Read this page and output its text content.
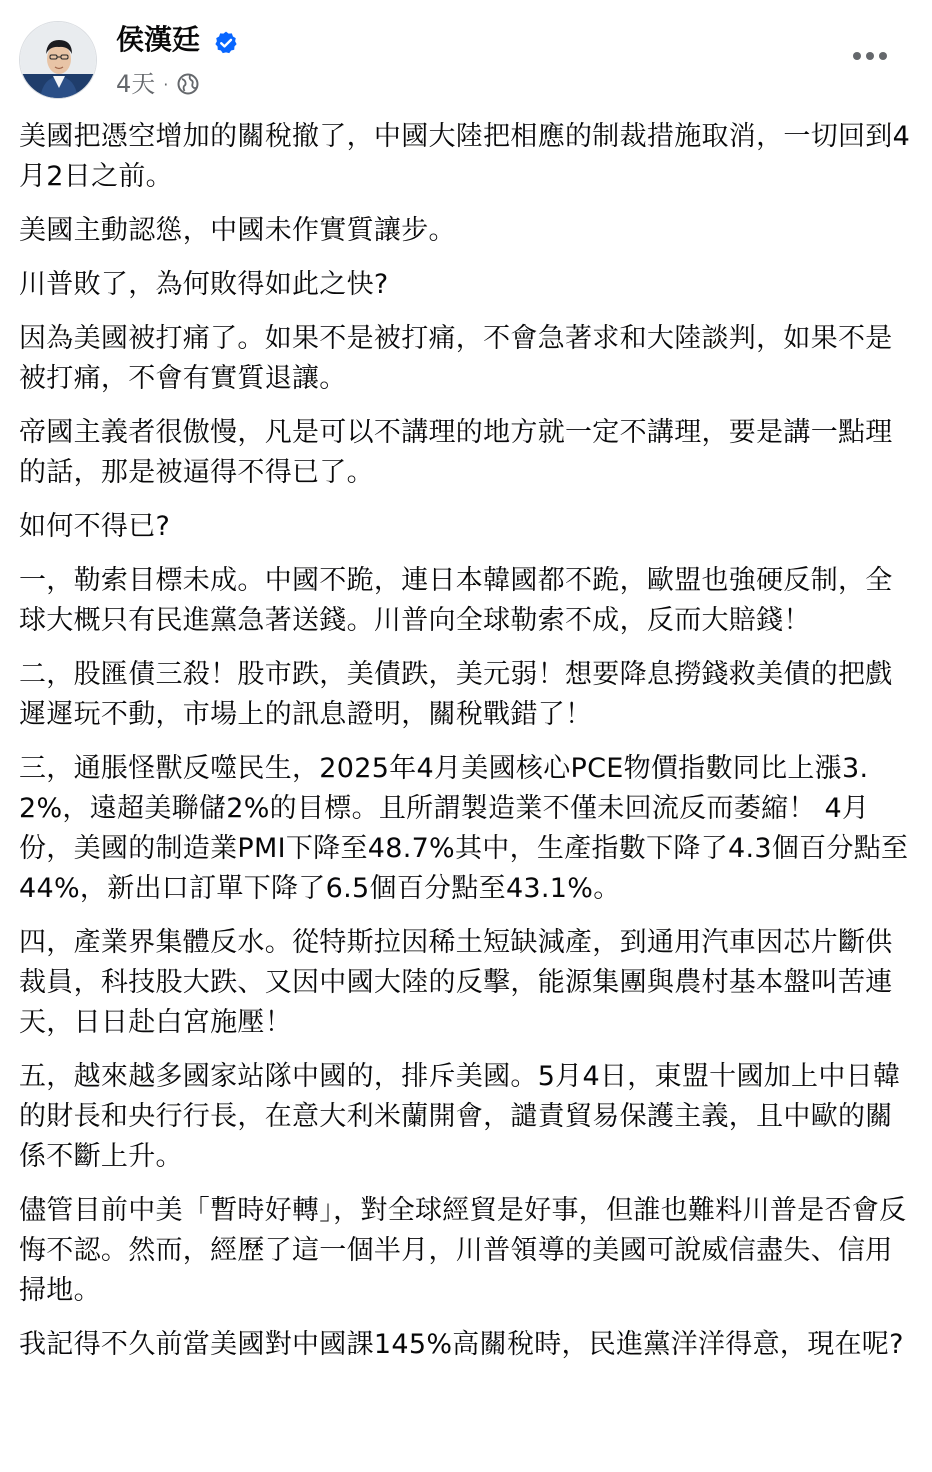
侯漢廷
4天 ·

美國把憑空增加的關稅撤了，中國大陸把相應的制裁措施取消，一切回到4月2日之前。

美國主動認慫，中國未作實質讓步。

川普敗了，為何敗得如此之快?

因為美國被打痛了。如果不是被打痛，不會急著求和大陸談判，如果不是被打痛，不會有實質退讓。

帝國主義者很傲慢，凡是可以不講理的地方就一定不講理，要是講一點理的話，那是被逼得不得已了。

如何不得已?

一，勒索目標未成。中國不跪，連日本韓國都不跪，歐盟也強硬反制，全球大概只有民進黨急著送錢。川普向全球勒索不成，反而大賠錢！

二，股匯債三殺！股市跌，美債跌，美元弱！想要降息撈錢救美債的把戲遲遲玩不動，市場上的訊息證明，關稅戰錯了！

三，通脹怪獸反噬民生，2025年4月美國核心PCE物價指數同比上漲3.2%，遠超美聯儲2%的目標。且所謂製造業不僅未回流反而萎縮！ 4月份，美國的制造業PMI下降至48.7%其中，生產指數下降了4.3個百分點至44%，新出口訂單下降了6.5個百分點至43.1%。

四，產業界集體反水。從特斯拉因稀土短缺減產，到通用汽車因芯片斷供裁員，科技股大跌、又因中國大陸的反擊，能源集團與農村基本盤叫苦連天，日日赴白宮施壓！

五，越來越多國家站隊中國的，排斥美國。5月4日，東盟十國加上中日韓的財長和央行行長，在意大利米蘭開會，譴責貿易保護主義，且中歐的關係不斷上升。

儘管目前中美「暫時好轉」，對全球經貿是好事，但誰也難料川普是否會反悔不認。然而，經歷了這一個半月，川普領導的美國可說威信盡失、信用掃地。

我記得不久前當美國對中國課145%高關稅時，民進黨洋洋得意，現在呢?
